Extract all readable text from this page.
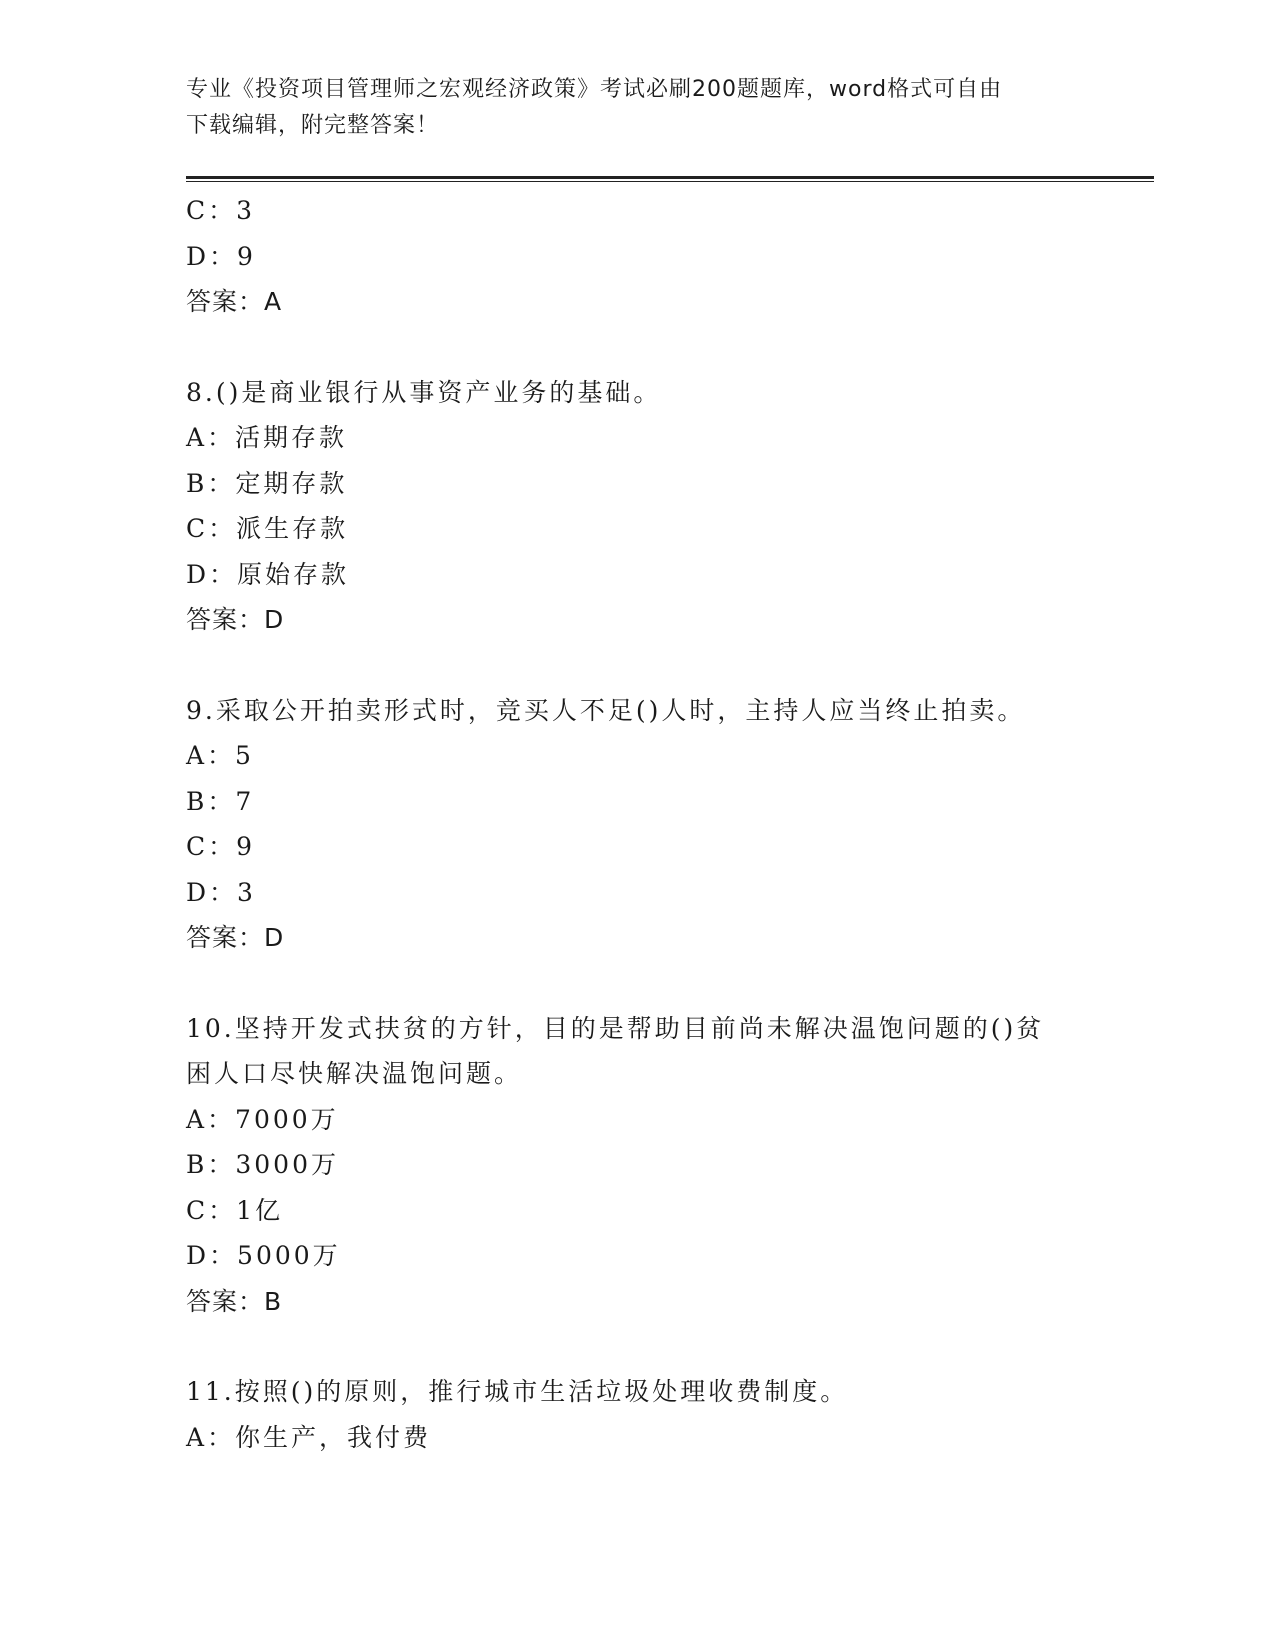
专业《投资项目管理师之宏观经济政策》考试必刷200题题库，word格式可自由
下载编辑，附完整答案！
C：3
D：9
答案：A
8.()是商业银行从事资产业务的基础。
A：活期存款
B：定期存款
C：派生存款
D：原始存款
答案：D
9.采取公开拍卖形式时，竞买人不足()人时，主持人应当终止拍卖。
A：5
B：7
C：9
D：3
答案：D
10.坚持开发式扶贫的方针，目的是帮助目前尚未解决温饱问题的()贫
困人口尽快解决温饱问题。
A：7000万
B：3000万
C：1亿
D：5000万
答案：B
11.按照()的原则，推行城市生活垃圾处理收费制度。
A：你生产，我付费
